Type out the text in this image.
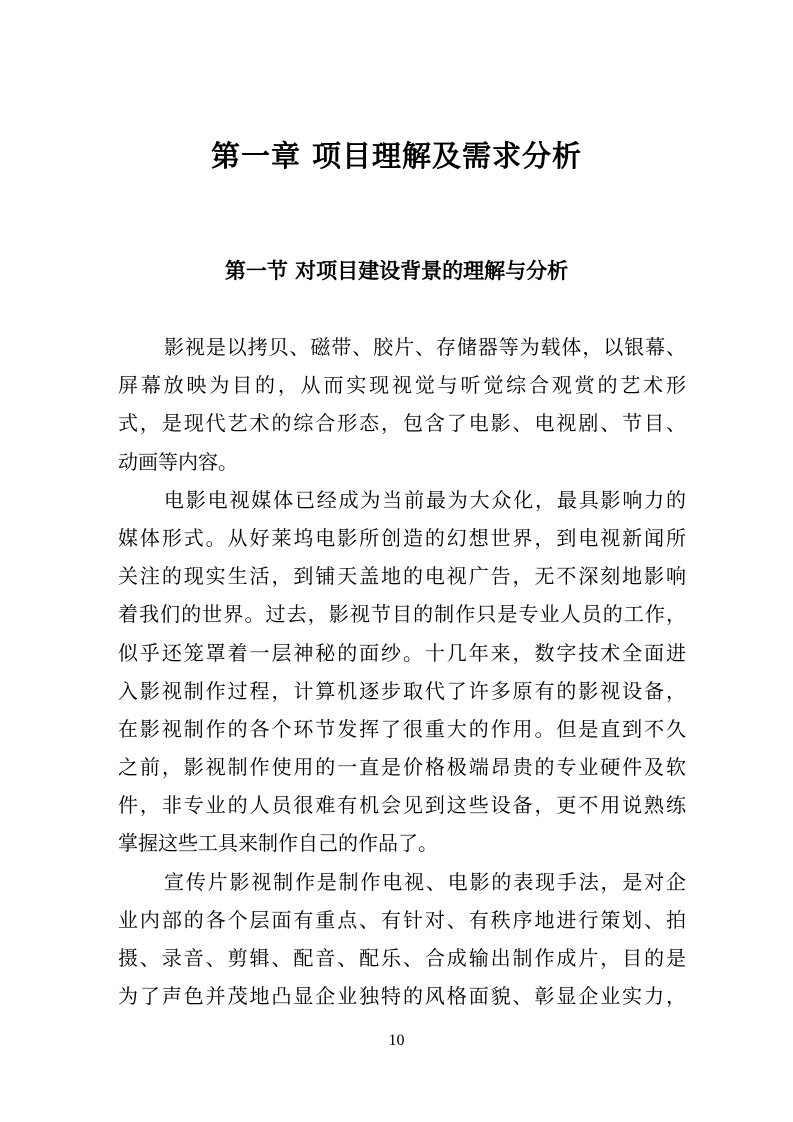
第一章 项目理解及需求分析
第一节 对项目建设背景的理解与分析
影视是以拷贝、磁带、胶片、存储器等为载体，以银幕、
屏幕放映为目的，从而实现视觉与听觉综合观赏的艺术形
式，是现代艺术的综合形态，包含了电影、电视剧、节目、
动画等内容。
电影电视媒体已经成为当前最为大众化，最具影响力的
媒体形式。从好莱坞电影所创造的幻想世界，到电视新闻所
关注的现实生活，到铺天盖地的电视广告，无不深刻地影响
着我们的世界。过去，影视节目的制作只是专业人员的工作，
似乎还笼罩着一层神秘的面纱。十几年来，数字技术全面进
入影视制作过程，计算机逐步取代了许多原有的影视设备，
在影视制作的各个环节发挥了很重大的作用。但是直到不久
之前，影视制作使用的一直是价格极端昂贵的专业硬件及软
件，非专业的人员很难有机会见到这些设备，更不用说熟练
掌握这些工具来制作自己的作品了。
宣传片影视制作是制作电视、电影的表现手法，是对企
业内部的各个层面有重点、有针对、有秩序地进行策划、拍
摄、录音、剪辑、配音、配乐、合成输出制作成片，目的是
为了声色并茂地凸显企业独特的风格面貌、彰显企业实力，
10
